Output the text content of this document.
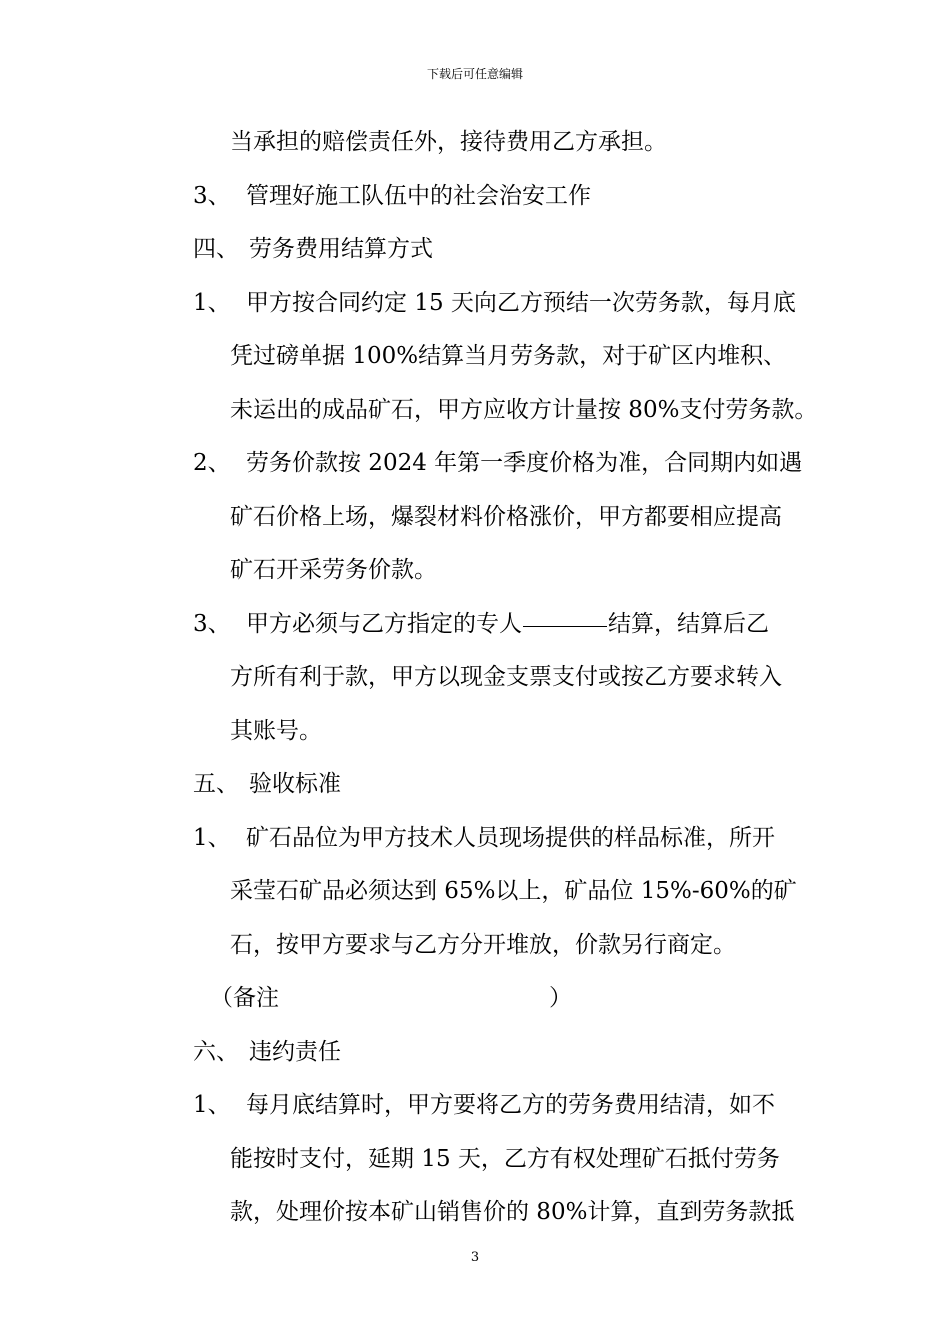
下载后可任意编辑
当承担的赔偿责任外，接待费用乙方承担。
3、 管理好施工队伍中的社会治安工作
四、 劳务费用结算方式
1、 甲方按合同约定 15 天向乙方预结一次劳务款，每月底
凭过磅单据 100%结算当月劳务款，对于矿区内堆积、
未运出的成品矿石，甲方应收方计量按 80%支付劳务款。
2、 劳务价款按 2024 年第一季度价格为准，合同期内如遇
矿石价格上场，爆裂材料价格涨价，甲方都要相应提高
矿石开采劳务价款。
3、 甲方必须与乙方指定的专人	结算，结算后乙
方所有利于款，甲方以现金支票支付或按乙方要求转入
其账号。
五、 验收标准
1、 矿石品位为甲方技术人员现场提供的样品标准，所开
采莹石矿品必须达到 65%以上，矿品位 15%-60%的矿
石，按甲方要求与乙方分开堆放，价款另行商定。
（备注	）
六、 违约责任
1、 每月底结算时，甲方要将乙方的劳务费用结清，如不
能按时支付，延期 15 天，乙方有权处理矿石抵付劳务
款，处理价按本矿山销售价的 80%计算，直到劳务款抵
3
